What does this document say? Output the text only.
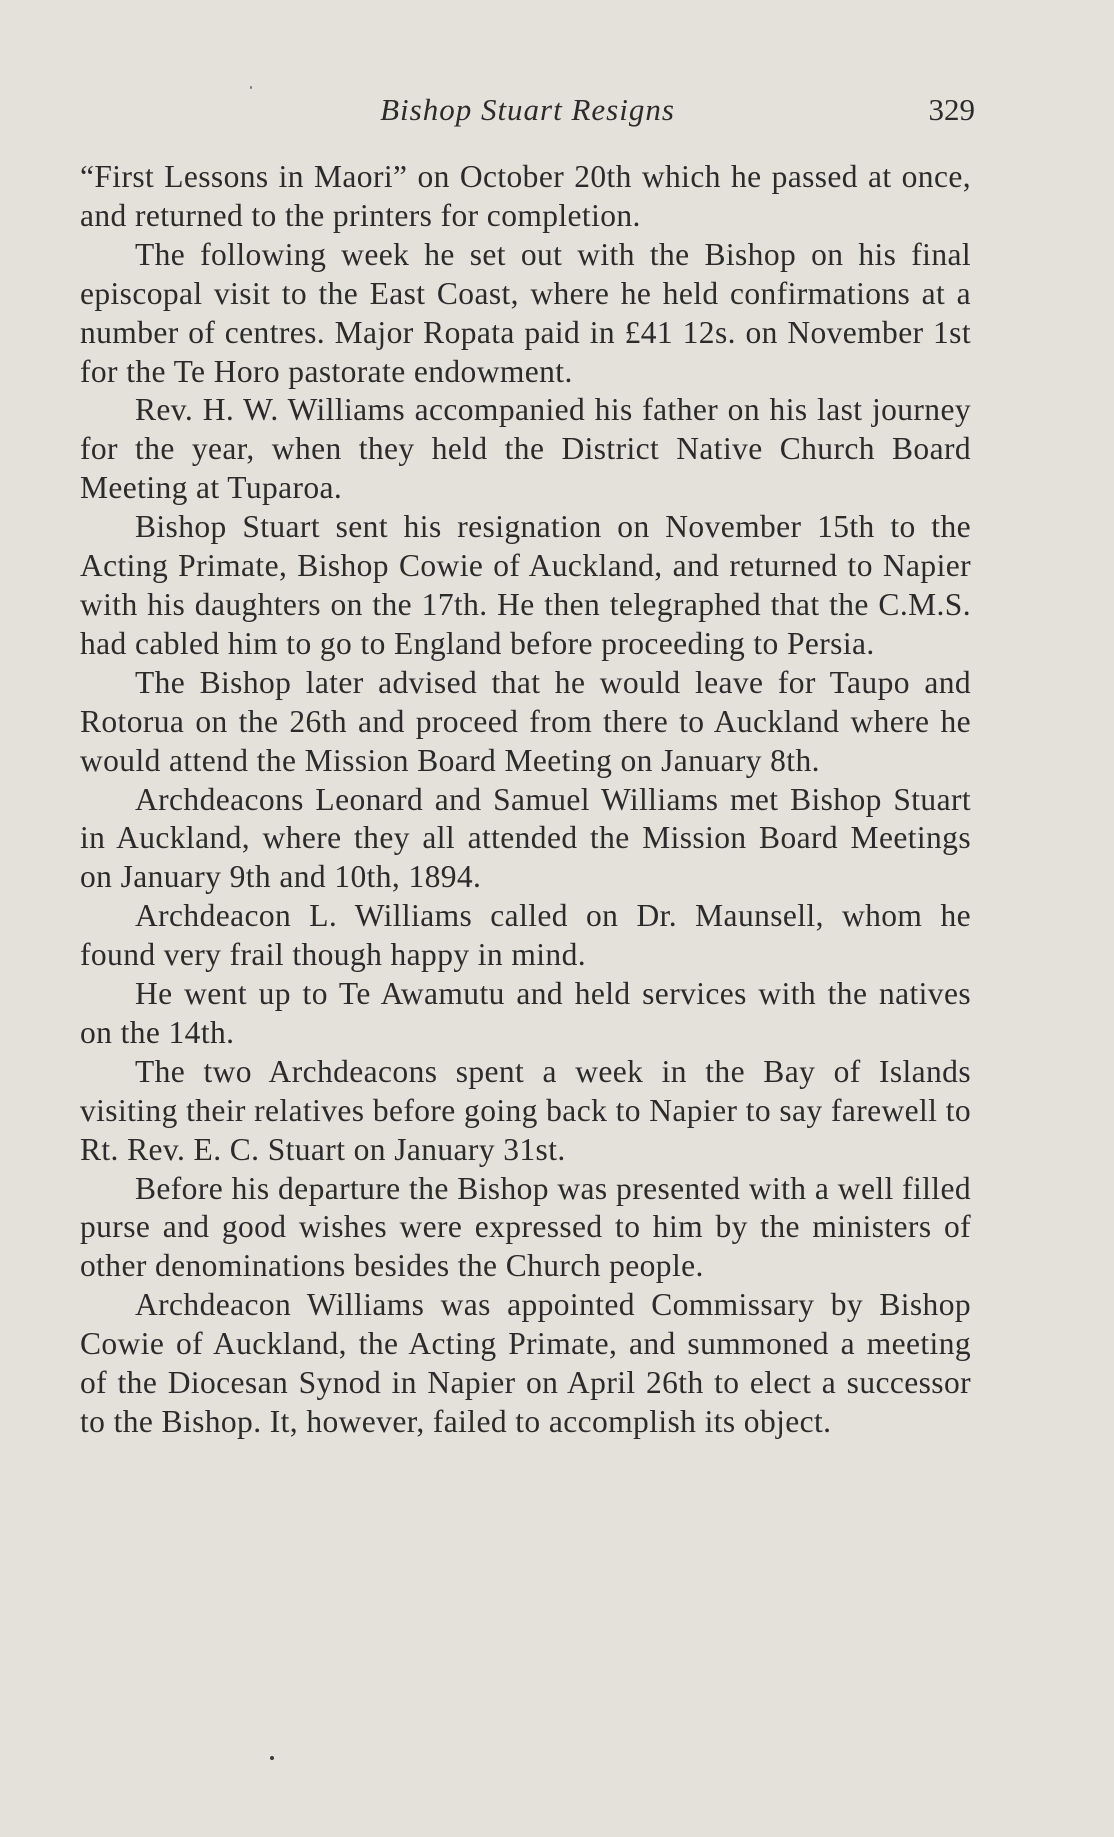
Bishop Stuart Resigns	329

“First Lessons in Maori” on October 20th which he passed at once, and returned to the printers for completion.

The following week he set out with the Bishop on his final episcopal visit to the East Coast, where he held confirmations at a number of centres. Major Ropata paid in £41 12s. on November 1st for the Te Horo pastorate endowment.

Rev. H. W. Williams accompanied his father on his last journey for the year, when they held the District Native Church Board Meeting at Tuparoa.

Bishop Stuart sent his resignation on November 15th to the Acting Primate, Bishop Cowie of Auckland, and returned to Napier with his daughters on the 17th. He then telegraphed that the C.M.S. had cabled him to go to England before proceeding to Persia.

The Bishop later advised that he would leave for Taupo and Rotorua on the 26th and proceed from there to Auckland where he would attend the Mission Board Meeting on January 8th.

Archdeacons Leonard and Samuel Williams met Bishop Stuart in Auckland, where they all attended the Mission Board Meetings on January 9th and 10th, 1894.

Archdeacon L. Williams called on Dr. Maunsell, whom he found very frail though happy in mind.

He went up to Te Awamutu and held services with the natives on the 14th.

The two Archdeacons spent a week in the Bay of Islands visiting their relatives before going back to Napier to say farewell to Rt. Rev. E. C. Stuart on January 31st.

Before his departure the Bishop was presented with a well filled purse and good wishes were expressed to him by the ministers of other denominations besides the Church people.

Archdeacon Williams was appointed Commissary by Bishop Cowie of Auckland, the Acting Primate, and summoned a meeting of the Diocesan Synod in Napier on April 26th to elect a successor to the Bishop. It, however, failed to accomplish its object.
